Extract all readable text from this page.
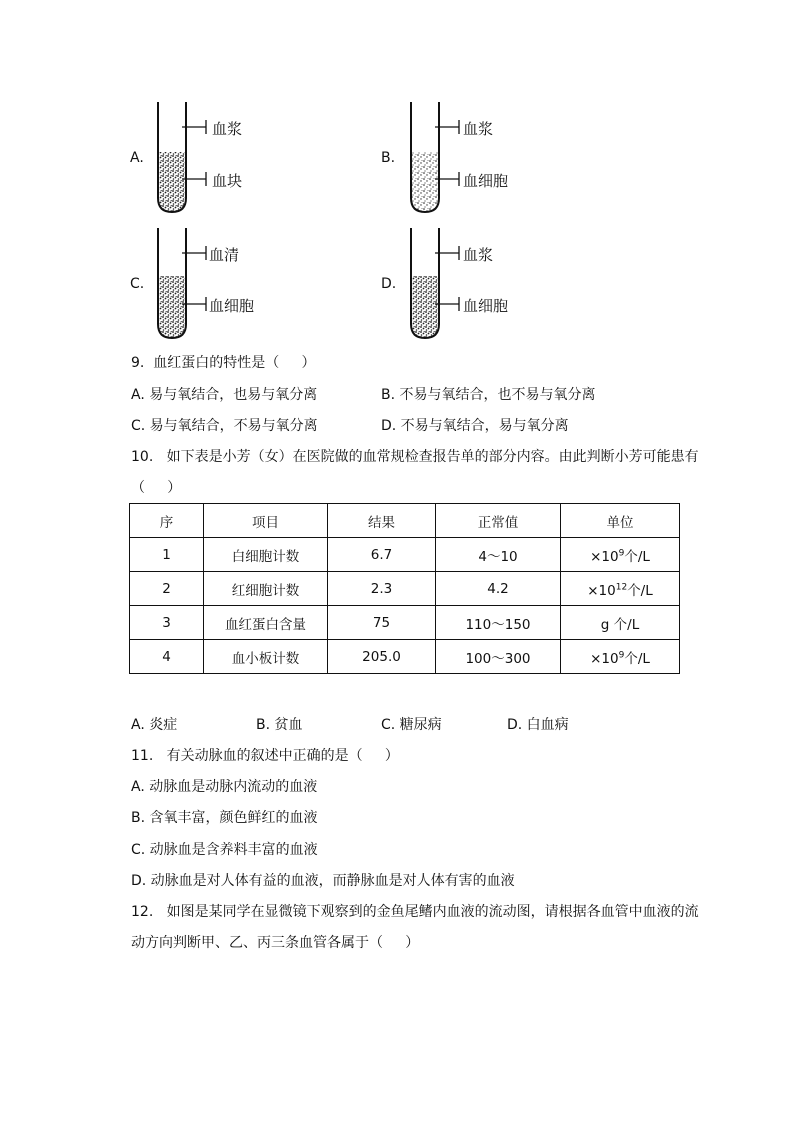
A.
血浆
血块
B.
血浆
血细胞
C.
血清
血细胞
D.
血浆
血细胞
9.  血红蛋白的特性是（     ）
A. 易与氧结合，也易与氧分离	B. 不易与氧结合，也不易与氧分离
C. 易与氧结合，不易与氧分离	D. 不易与氧结合，易与氧分离
10.   如下表是小芳（女）在医院做的血常规检查报告单的部分内容。由此判断小芳可能患有
（     ）
序	项目	结果	正常值	单位
1	白细胞计数	6.7	4～10	$\times 10^9$个/L
2	红细胞计数	2.3	4.2	$\times 10^{12}$个/L
3	血红蛋白含量	75	110～150	g 个/L
4	血小板计数	205.0	100～300	$\times 10^9$个/L
A. 炎症	B. 贫血	C. 糖尿病	D. 白血病
11.   有关动脉血的叙述中正确的是（     ）
A. 动脉血是动脉内流动的血液
B. 含氧丰富，颜色鲜红的血液
C. 动脉血是含养料丰富的血液
D. 动脉血是对人体有益的血液，而静脉血是对人体有害的血液
12.   如图是某同学在显微镜下观察到的金鱼尾鳍内血液的流动图，请根据各血管中血液的流
动方向判断甲、乙、丙三条血管各属于（     ）
